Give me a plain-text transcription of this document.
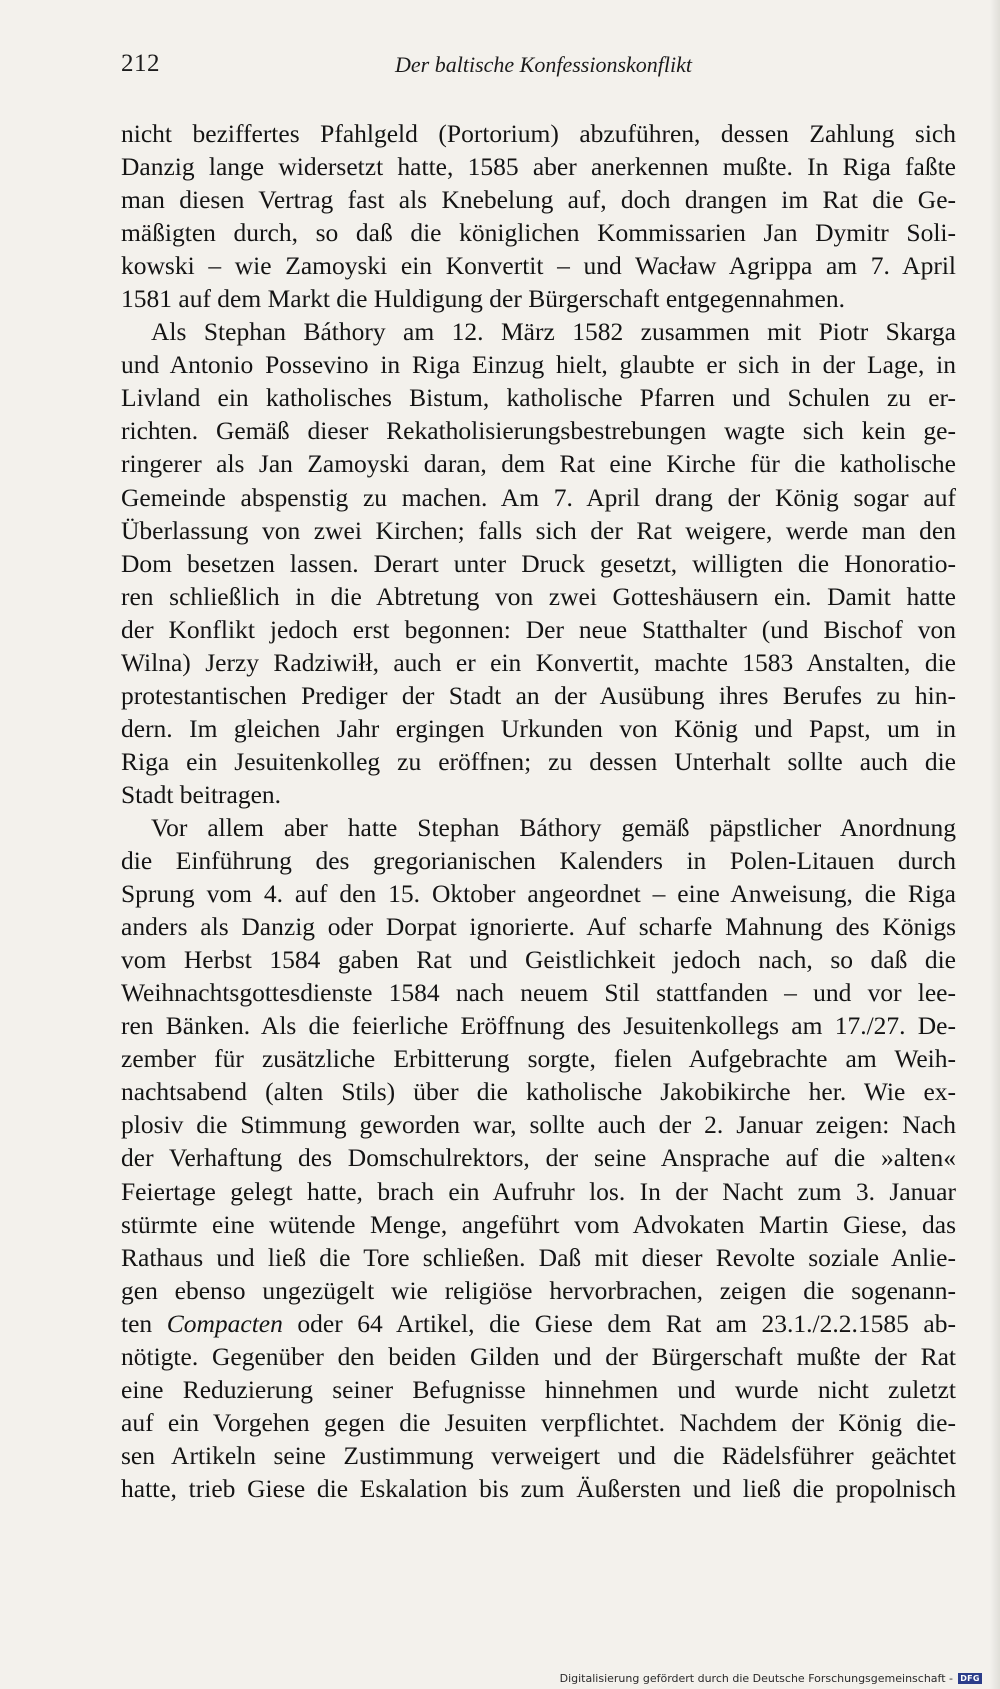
212	Der baltische Konfessionskonflikt
nicht beziffertes Pfahlgeld (Portorium) abzuführen, dessen Zahlung sich
Danzig lange widersetzt hatte, 1585 aber anerkennen mußte. In Riga faßte
man diesen Vertrag fast als Knebelung auf, doch drangen im Rat die Ge-
mäßigten durch, so daß die königlichen Kommissarien Jan Dymitr Soli-
kowski – wie Zamoyski ein Konvertit – und Wacław Agrippa am 7. April
1581 auf dem Markt die Huldigung der Bürgerschaft entgegennahmen.
Als Stephan Báthory am 12. März 1582 zusammen mit Piotr Skarga
und Antonio Possevino in Riga Einzug hielt, glaubte er sich in der Lage, in
Livland ein katholisches Bistum, katholische Pfarren und Schulen zu er-
richten. Gemäß dieser Rekatholisierungsbestrebungen wagte sich kein ge-
ringerer als Jan Zamoyski daran, dem Rat eine Kirche für die katholische
Gemeinde abspenstig zu machen. Am 7. April drang der König sogar auf
Überlassung von zwei Kirchen; falls sich der Rat weigere, werde man den
Dom besetzen lassen. Derart unter Druck gesetzt, willigten die Honoratio-
ren schließlich in die Abtretung von zwei Gotteshäusern ein. Damit hatte
der Konflikt jedoch erst begonnen: Der neue Statthalter (und Bischof von
Wilna) Jerzy Radziwiłł, auch er ein Konvertit, machte 1583 Anstalten, die
protestantischen Prediger der Stadt an der Ausübung ihres Berufes zu hin-
dern. Im gleichen Jahr ergingen Urkunden von König und Papst, um in
Riga ein Jesuitenkolleg zu eröffnen; zu dessen Unterhalt sollte auch die
Stadt beitragen.
Vor allem aber hatte Stephan Báthory gemäß päpstlicher Anordnung
die Einführung des gregorianischen Kalenders in Polen-Litauen durch
Sprung vom 4. auf den 15. Oktober angeordnet – eine Anweisung, die Riga
anders als Danzig oder Dorpat ignorierte. Auf scharfe Mahnung des Königs
vom Herbst 1584 gaben Rat und Geistlichkeit jedoch nach, so daß die
Weihnachtsgottesdienste 1584 nach neuem Stil stattfanden – und vor lee-
ren Bänken. Als die feierliche Eröffnung des Jesuitenkollegs am 17./27. De-
zember für zusätzliche Erbitterung sorgte, fielen Aufgebrachte am Weih-
nachtsabend (alten Stils) über die katholische Jakobikirche her. Wie ex-
plosiv die Stimmung geworden war, sollte auch der 2. Januar zeigen: Nach
der Verhaftung des Domschulrektors, der seine Ansprache auf die »alten«
Feiertage gelegt hatte, brach ein Aufruhr los. In der Nacht zum 3. Januar
stürmte eine wütende Menge, angeführt vom Advokaten Martin Giese, das
Rathaus und ließ die Tore schließen. Daß mit dieser Revolte soziale Anlie-
gen ebenso ungezügelt wie religiöse hervorbrachen, zeigen die sogenann-
ten Compacten oder 64 Artikel, die Giese dem Rat am 23.1./2.2.1585 ab-
nötigte. Gegenüber den beiden Gilden und der Bürgerschaft mußte der Rat
eine Reduzierung seiner Befugnisse hinnehmen und wurde nicht zuletzt
auf ein Vorgehen gegen die Jesuiten verpflichtet. Nachdem der König die-
sen Artikeln seine Zustimmung verweigert und die Rädelsführer geächtet
hatte, trieb Giese die Eskalation bis zum Äußersten und ließ die propolnisch
Digitalisierung gefördert durch die Deutsche Forschungsgemeinschaft - DFG
